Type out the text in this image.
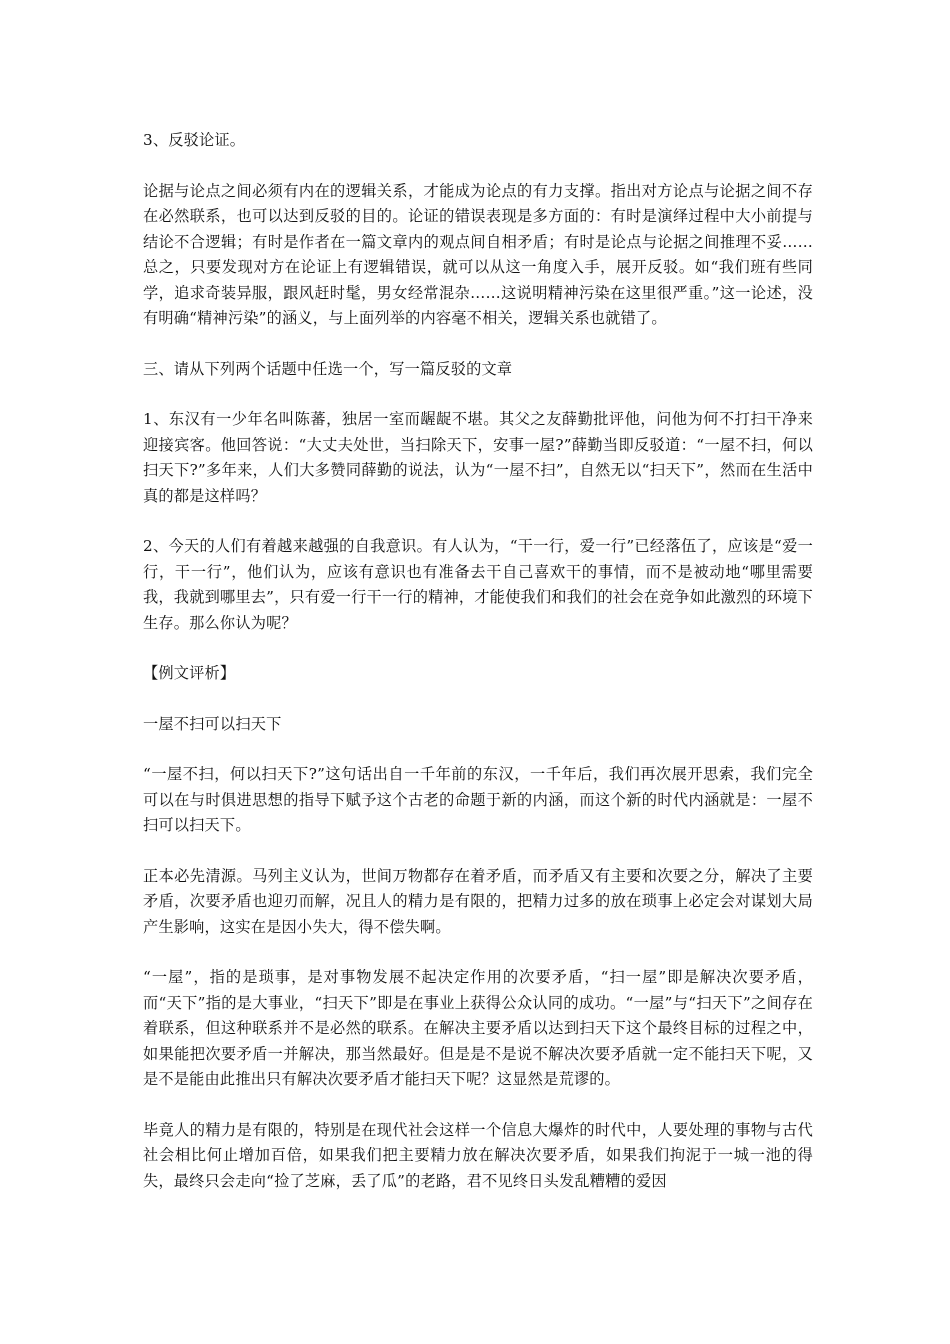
3、反驳论证。

论据与论点之间必须有内在的逻辑关系，才能成为论点的有力支撑。指出对方论点与论据之间不存在必然联系，也可以达到反驳的目的。论证的错误表现是多方面的：有时是演绎过程中大小前提与结论不合逻辑；有时是作者在一篇文章内的观点间自相矛盾；有时是论点与论据之间推理不妥……总之，只要发现对方在论证上有逻辑错误，就可以从这一角度入手，展开反驳。如“我们班有些同学，追求奇装异服，跟风赶时髦，男女经常混杂……这说明精神污染在这里很严重。”这一论述，没有明确“精神污染”的涵义，与上面列举的内容毫不相关，逻辑关系也就错了。

三、请从下列两个话题中任选一个，写一篇反驳的文章

1、东汉有一少年名叫陈蕃，独居一室而龌龊不堪。其父之友薛勤批评他，问他为何不打扫干净来迎接宾客。他回答说：“大丈夫处世，当扫除天下，安事一屋?”薛勤当即反驳道：“一屋不扫，何以扫天下?”多年来，人们大多赞同薛勤的说法，认为“一屋不扫”，自然无以“扫天下”，然而在生活中真的都是这样吗？

2、今天的人们有着越来越强的自我意识。有人认为，“干一行，爱一行”已经落伍了，应该是“爱一行，干一行”，他们认为，应该有意识也有准备去干自己喜欢干的事情，而不是被动地“哪里需要我，我就到哪里去”，只有爱一行干一行的精神，才能使我们和我们的社会在竞争如此激烈的环境下生存。那么你认为呢？

【例文评析】

一屋不扫可以扫天下

“一屋不扫，何以扫天下?”这句话出自一千年前的东汉，一千年后，我们再次展开思索，我们完全可以在与时俱进思想的指导下赋予这个古老的命题于新的内涵，而这个新的时代内涵就是：一屋不扫可以扫天下。

正本必先清源。马列主义认为，世间万物都存在着矛盾，而矛盾又有主要和次要之分，解决了主要矛盾，次要矛盾也迎刃而解，况且人的精力是有限的，把精力过多的放在琐事上必定会对谋划大局产生影响，这实在是因小失大，得不偿失啊。

“一屋”，指的是琐事，是对事物发展不起决定作用的次要矛盾，“扫一屋”即是解决次要矛盾，而“天下”指的是大事业，“扫天下”即是在事业上获得公众认同的成功。“一屋”与“扫天下”之间存在着联系，但这种联系并不是必然的联系。在解决主要矛盾以达到扫天下这个最终目标的过程之中，如果能把次要矛盾一并解决，那当然最好。但是是不是说不解决次要矛盾就一定不能扫天下呢，又是不是能由此推出只有解决次要矛盾才能扫天下呢？这显然是荒谬的。

毕竟人的精力是有限的，特别是在现代社会这样一个信息大爆炸的时代中，人要处理的事物与古代社会相比何止增加百倍，如果我们把主要精力放在解决次要矛盾，如果我们拘泥于一城一池的得失，最终只会走向“捡了芝麻，丢了瓜”的老路，君不见终日头发乱糟糟的爱因
